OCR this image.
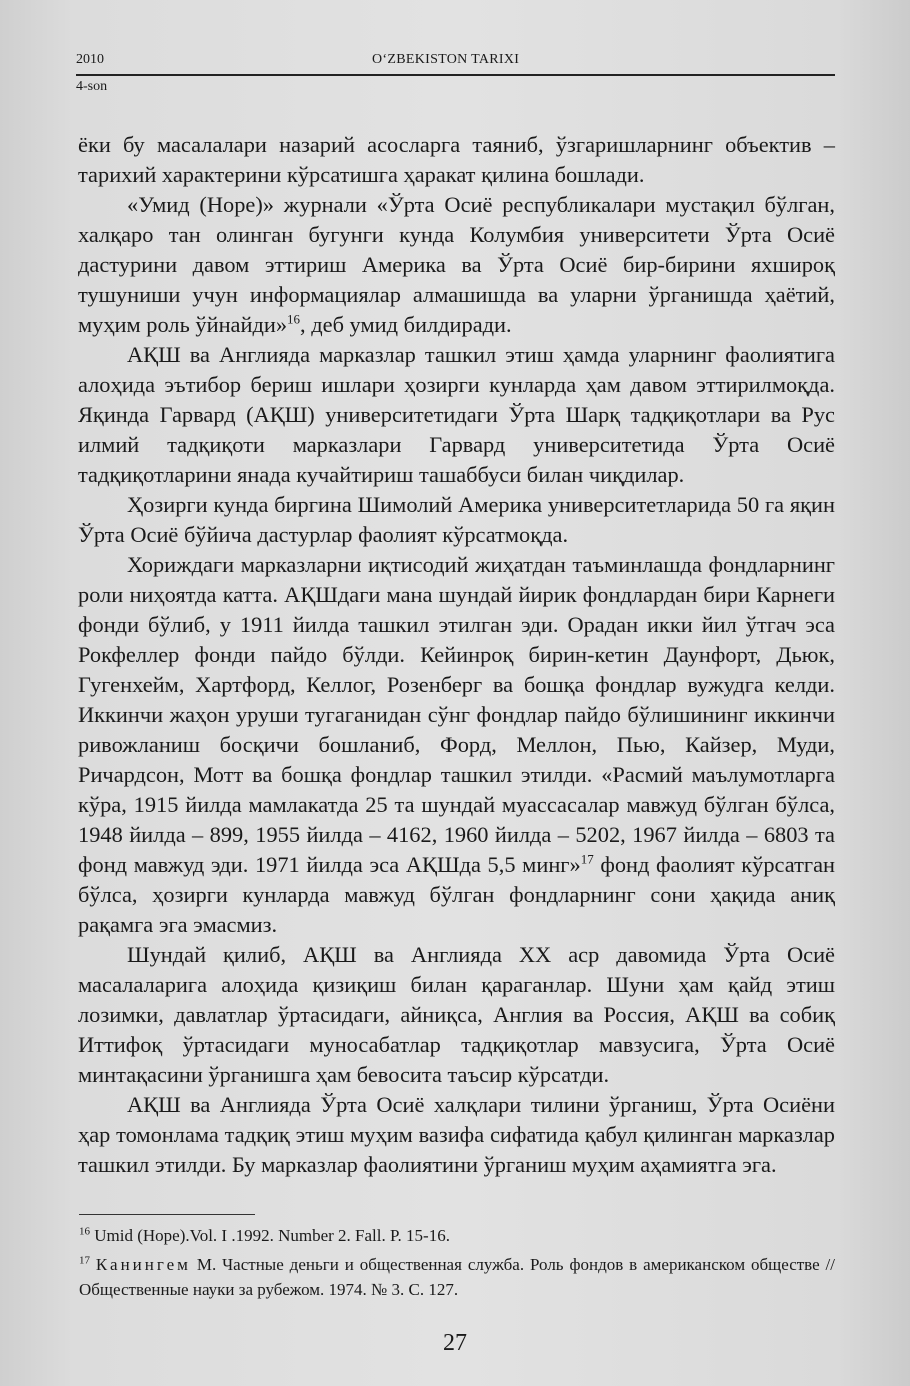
2010	O‘ZBEKISTON TARIXI
4-son

ёки бу масалалари назарий асосларга таяниб, ўзгаришларнинг объектив – тарихий характерини кўрсатишга ҳаракат қилина бошлади.

«Умид (Hope)» журнали «Ўрта Осиё республикалари мустақил бўлган, халқаро тан олинган бугунги кунда Колумбия университети Ўрта Осиё дастурини давом эттириш Америка ва Ўрта Осиё бир-бирини яхшироқ тушуниши учун информациялар алмашишда ва уларни ўрганишда ҳаётий, муҳим роль ўйнайди»$^{16}$, деб умид билдиради.

АҚШ ва Англияда марказлар ташкил этиш ҳамда уларнинг фаолиятига алоҳида эътибор бериш ишлари ҳозирги кунларда ҳам давом эттирилмоқда. Яқинда Гарвард (АҚШ) университетидаги Ўрта Шарқ тадқиқотлари ва Рус илмий тадқиқоти марказлари Гарвард университетида Ўрта Осиё тадқиқотларини янада кучайтириш ташаббуси билан чиқдилар.

Ҳозирги кунда биргина Шимолий Америка университетларида 50 га яқин Ўрта Осиё бўйича дастурлар фаолият кўрсатмоқда.

Хориждаги марказларни иқтисодий жиҳатдан таъминлашда фондларнинг роли ниҳоятда катта. АҚШдаги мана шундай йирик фондлардан бири Карнеги фонди бўлиб, у 1911 йилда ташкил этилган эди. Орадан икки йил ўтгач эса Рокфеллер фонди пайдо бўлди. Кейинроқ бирин-кетин Даунфорт, Дьюк, Гугенхейм, Хартфорд, Келлог, Розенберг ва бошқа фондлар вужудга келди. Иккинчи жаҳон уруши тугаганидан сўнг фондлар пайдо бўлишининг иккинчи ривожланиш босқичи бошланиб, Форд, Меллон, Пью, Кайзер, Муди, Ричардсон, Мотт ва бошқа фондлар ташкил этилди. «Расмий маълумотларга кўра, 1915 йилда мамлакатда 25 та шундай муассасалар мавжуд бўлган бўлса, 1948 йилда – 899, 1955 йилда – 4162, 1960 йилда – 5202, 1967 йилда – 6803 та фонд мавжуд эди. 1971 йилда эса АҚШда 5,5 минг»$^{17}$ фонд фаолият кўрсатган бўлса, ҳозирги кунларда мавжуд бўлган фондларнинг сони ҳақида аниқ рақамга эга эмасмиз.

Шундай қилиб, АҚШ ва Англияда XX аср давомида Ўрта Осиё масалаларига алоҳида қизиқиш билан қараганлар. Шуни ҳам қайд этиш лозимки, давлатлар ўртасидаги, айниқса, Англия ва Россия, АҚШ ва собиқ Иттифоқ ўртасидаги муносабатлар тадқиқотлар мавзусига, Ўрта Осиё минтақасини ўрганишга ҳам бевосита таъсир кўрсатди.

АҚШ ва Англияда Ўрта Осиё халқлари тилини ўрганиш, Ўрта Осиёни ҳар томонлама тадқиқ этиш муҳим вазифа сифатида қабул қилинган марказлар ташкил этилди. Бу марказлар фаолиятини ўрганиш муҳим аҳамиятга эга.

$^{16}$ Umid (Hope).Vol. I .1992. Number 2. Fall. P. 15-16.

$^{17}$ Канингем М. Частные деньги и общественная служба. Роль фондов в американском обществе // Общественные науки за рубежом. 1974. № 3. С. 127.

27
